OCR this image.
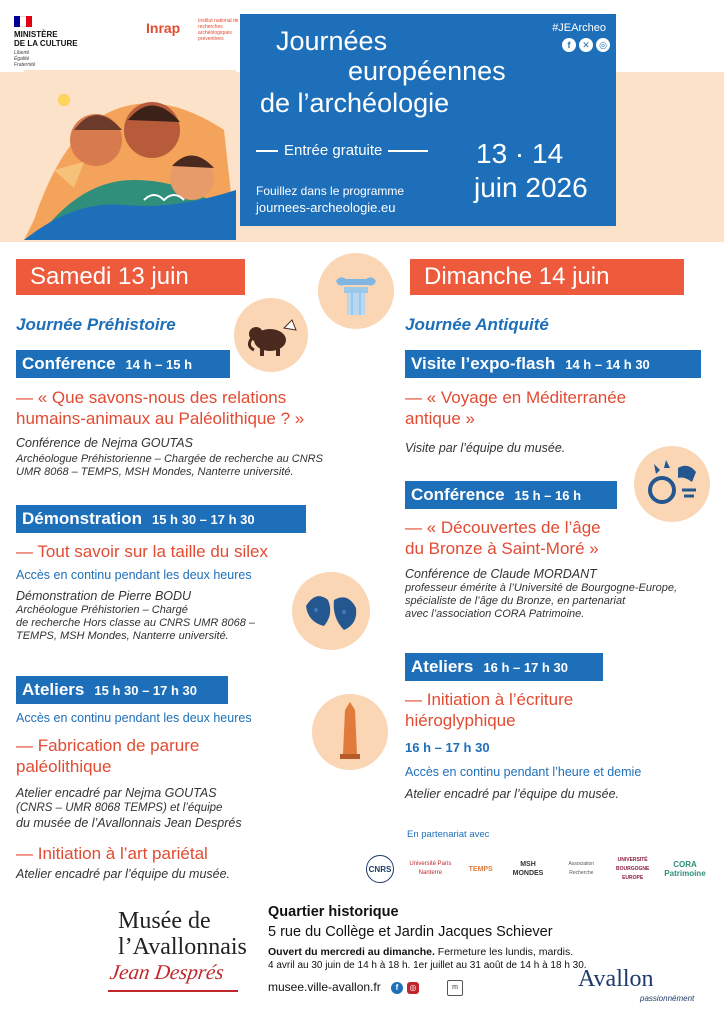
MINISTÈRE
DE LA CULTURE
Liberté
Égalité
Fraternité
Inrap	Institut national de recherches archéologiques préventives
#JEArcheo
f	✕	◎
Journées
européennes
de l’archéologie
Entrée gratuite	13 · 14
juin 2026
Fouillez dans le programme
journees-archeologie.eu
Samedi 13 juin
Journée Préhistoire
Conférence 14 h – 15 h
— « Que savons-nous des relations
humains-animaux au Paléolithique ? »
Conférence de Nejma GOUTAS
Archéologue Préhistorienne – Chargée de recherche au CNRS
UMR 8068 – TEMPS, MSH Mondes, Nanterre université.
Démonstration 15 h 30 – 17 h 30
— Tout savoir sur la taille du silex
Accès en continu pendant les deux heures
Démonstration de Pierre BODU
Archéologue Préhistorien – Chargé
de recherche Hors classe au CNRS UMR 8068 –
TEMPS, MSH Mondes, Nanterre université.
Ateliers 15 h 30 – 17 h 30
Accès en continu pendant les deux heures
— Fabrication de parure
paléolithique
Atelier encadré par Nejma GOUTAS
(CNRS – UMR 8068 TEMPS) et l’équipe
du musée de l’Avallonnais Jean Després
— Initiation à l’art pariétal
Atelier encadré par l’équipe du musée.
Dimanche 14 juin
Journée Antiquité
Visite l’expo-flash 14 h – 14 h 30
— « Voyage en Méditerranée
antique »
Visite par l’équipe du musée.
Conférence 15 h – 16 h
— « Découvertes de l’âge
du Bronze à Saint-Moré »
Conférence de Claude MORDANT
professeur émérite à l’Université de Bourgogne-Europe,
spécialiste de l’âge du Bronze, en partenariat
avec l’association CORA Patrimoine.
Ateliers 16 h – 17 h 30
— Initiation à l’écriture
hiéroglyphique
16 h – 17 h 30
Accès en continu pendant l’heure et demie
Atelier encadré par l’équipe du musée.
En partenariat avec
CNRS
Université Paris Nanterre
TEMPS
MSH MONDES
Association Recherche
UNIVERSITÉ BOURGOGNE EUROPE
CORA Patrimoine
Musée de
l’Avallonnais
Jean Després
Quartier historique
5 rue du Collège et Jardin Jacques Schiever
Ouvert du mercredi au dimanche. Fermeture les lundis, mardis.
4 avril au 30 juin de 14 h à 18 h. 1er juillet au 31 août de 14 h à 18 h 30.
musee.ville-avallon.fr	f	◎	m	Avallon
passionnément
